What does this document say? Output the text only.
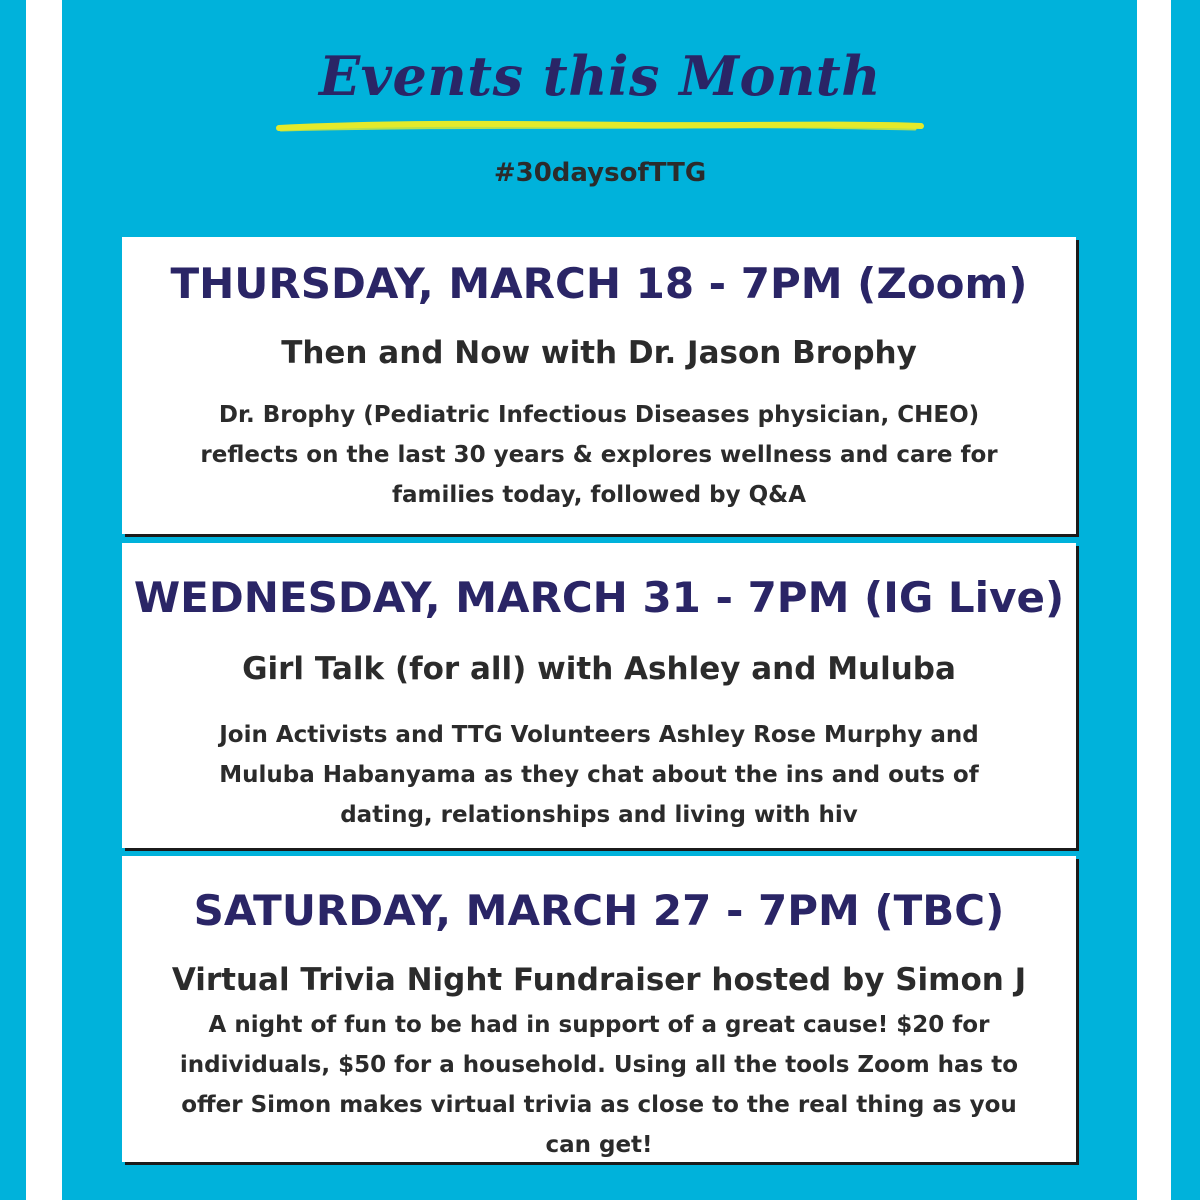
Events this Month
#30daysofTTG
THURSDAY, MARCH 18 - 7PM (Zoom)
Then and Now with Dr. Jason Brophy

Dr. Brophy (Pediatric Infectious Diseases physician, CHEO) reflects on the last 30 years & explores wellness and care for families today, followed by Q&A

WEDNESDAY, MARCH 31 - 7PM (IG Live)
Girl Talk (for all) with Ashley and Muluba

Join Activists and TTG Volunteers Ashley Rose Murphy and Muluba Habanyama as they chat about the ins and outs of dating, relationships and living with hiv

SATURDAY, MARCH 27 - 7PM (TBC)
Virtual Trivia Night Fundraiser hosted by Simon J

A night of fun to be had in support of a great cause! $20 for individuals, $50 for a household. Using all the tools Zoom has to offer Simon makes virtual trivia as close to the real thing as you can get!
